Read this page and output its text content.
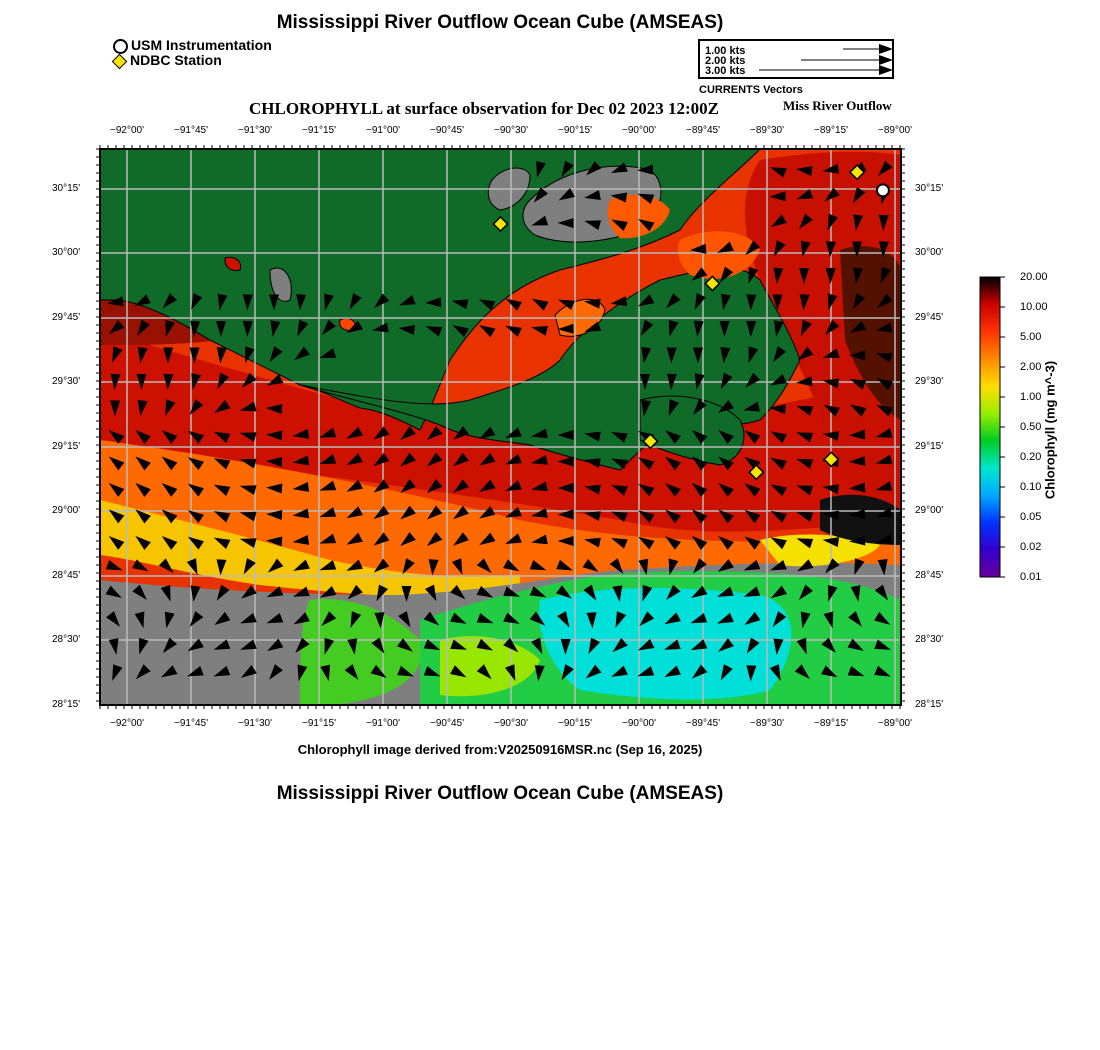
Mississippi River Outflow Ocean Cube (AMSEAS)
USM Instrumentation
NDBC Station
1.00 kts
2.00 kts
3.00 kts
CURRENTS Vectors
CHLOROPHYLL at surface observation for Dec 02 2023 12:00Z	Miss River Outflow
Chlorophyll (mg m^-3)
Chlorophyll image derived from:V20250916MSR.nc (Sep 16, 2025)
Mississippi River Outflow Ocean Cube (AMSEAS)
−92°00'
−92°00'
−91°45'
−91°45'
−91°30'
−91°30'
−91°15'
−91°15'
−91°00'
−91°00'
−90°45'
−90°45'
−90°30'
−90°30'
−90°15'
−90°15'
−90°00'
−90°00'
−89°45'
−89°45'
−89°30'
−89°30'
−89°15'
−89°15'
−89°00'
−89°00'
30°15'	30°15'
30°00'	30°00'
29°45'	29°45'
29°30'	29°30'
29°15'	29°15'
29°00'	29°00'
28°45'	28°45'
28°30'	28°30'
28°15'	28°15'
20.00
10.00
5.00
2.00
1.00
0.50
0.20
0.10
0.05
0.02
0.01
